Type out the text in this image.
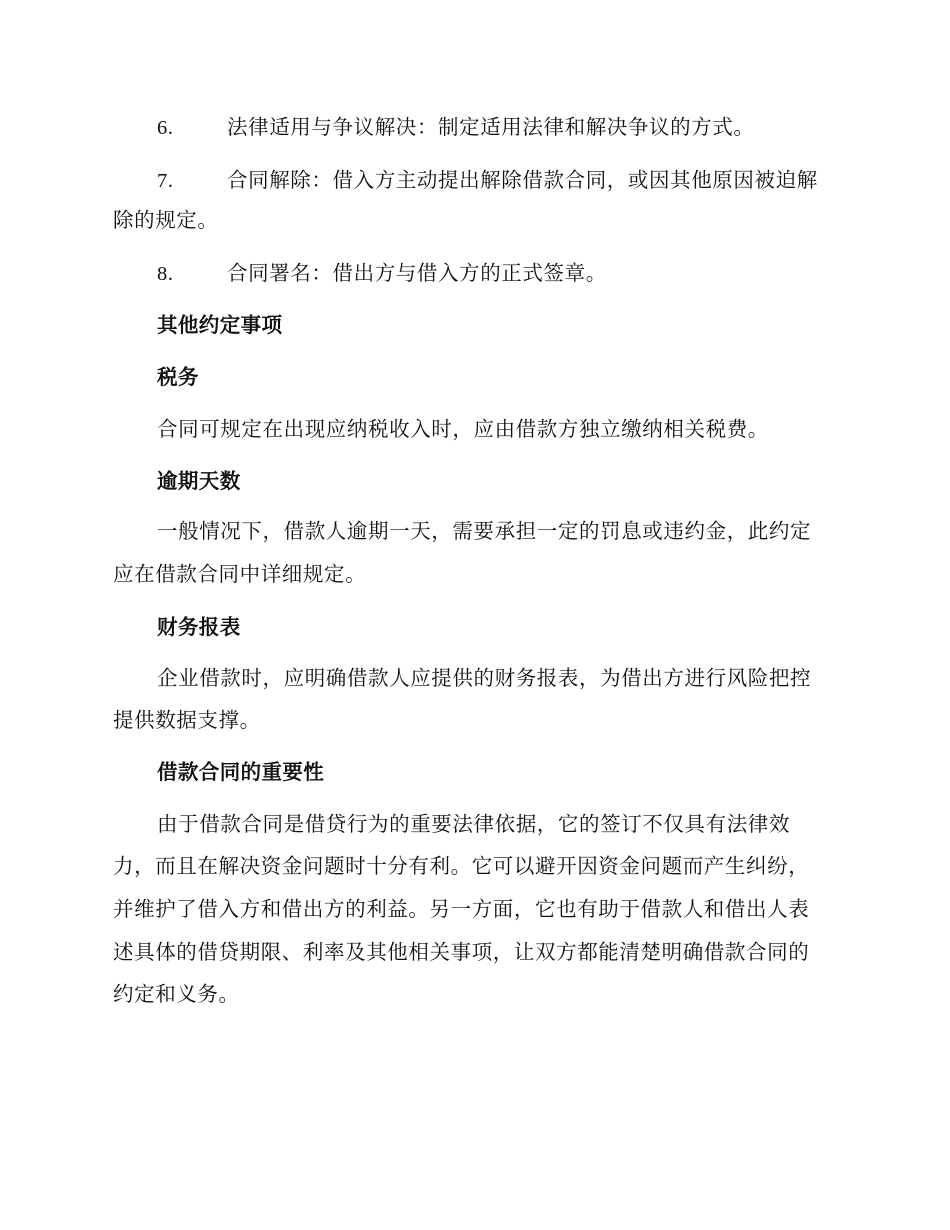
6.	法律适用与争议解决：制定适用法律和解决争议的方式。
7.	合同解除：借入方主动提出解除借款合同，或因其他原因被迫解
除的规定。
8.	合同署名：借出方与借入方的正式签章。
其他约定事项
税务
合同可规定在出现应纳税收入时，应由借款方独立缴纳相关税费。
逾期天数
一般情况下，借款人逾期一天，需要承担一定的罚息或违约金，此约定
应在借款合同中详细规定。
财务报表
企业借款时，应明确借款人应提供的财务报表，为借出方进行风险把控
提供数据支撑。
借款合同的重要性
由于借款合同是借贷行为的重要法律依据，它的签订不仅具有法律效
力，而且在解决资金问题时十分有利。它可以避开因资金问题而产生纠纷，
并维护了借入方和借出方的利益。另一方面，它也有助于借款人和借出人表
述具体的借贷期限、利率及其他相关事项，让双方都能清楚明确借款合同的
约定和义务。
